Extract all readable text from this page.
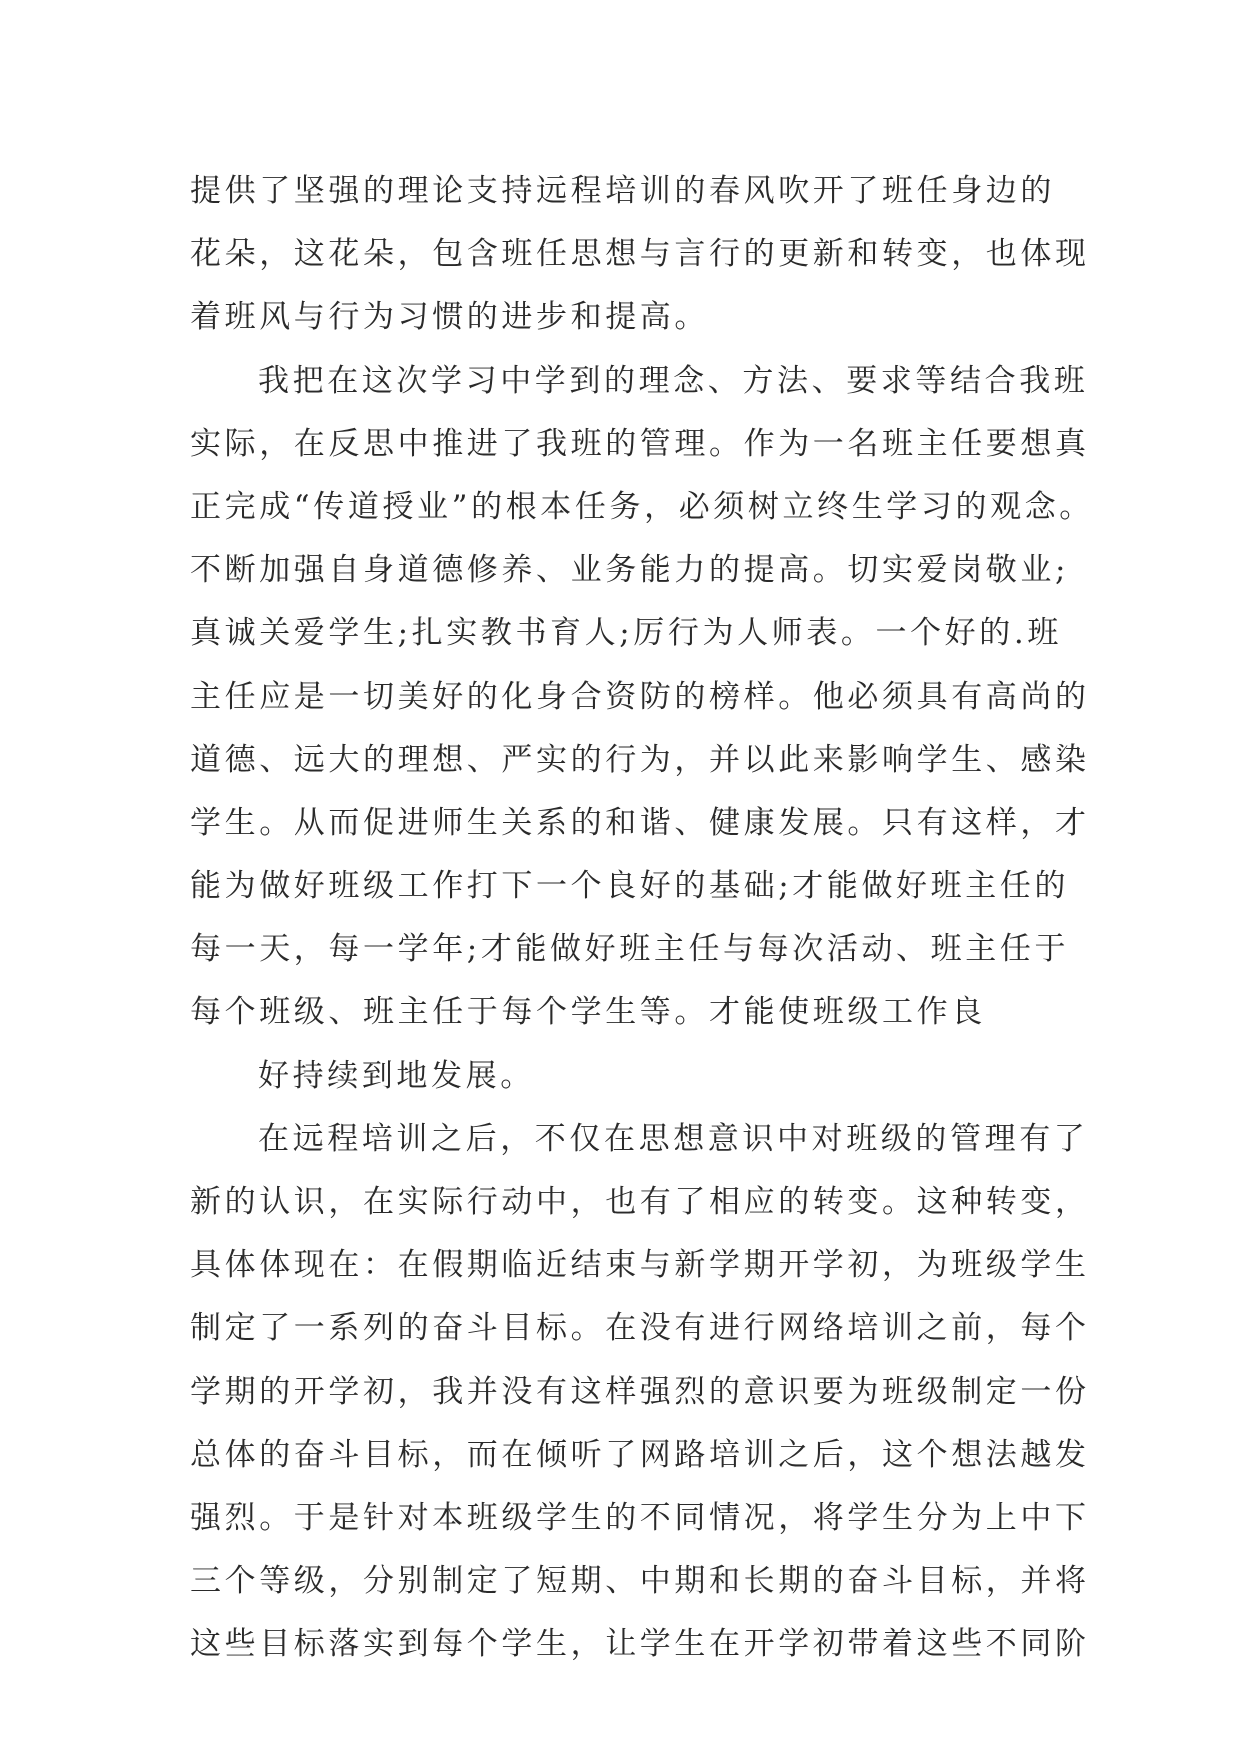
提供了坚强的理论支持远程培训的春风吹开了班任身边的
花朵，这花朵，包含班任思想与言行的更新和转变，也体现
着班风与行为习惯的进步和提高。
我把在这次学习中学到的理念、方法、要求等结合我班
实际，在反思中推进了我班的管理。作为一名班主任要想真
正完成“传道授业”的根本任务，必须树立终生学习的观念。
不断加强自身道德修养、业务能力的提高。切实爱岗敬业;
真诚关爱学生;扎实教书育人;厉行为人师表。一个好的.班
主任应是一切美好的化身合资防的榜样。他必须具有高尚的
道德、远大的理想、严实的行为，并以此来影响学生、感染
学生。从而促进师生关系的和谐、健康发展。只有这样，才
能为做好班级工作打下一个良好的基础;才能做好班主任的
每一天，每一学年;才能做好班主任与每次活动、班主任于
每个班级、班主任于每个学生等。才能使班级工作良
好持续到地发展。
在远程培训之后，不仅在思想意识中对班级的管理有了
新的认识，在实际行动中，也有了相应的转变。这种转变，
具体体现在：在假期临近结束与新学期开学初，为班级学生
制定了一系列的奋斗目标。在没有进行网络培训之前，每个
学期的开学初，我并没有这样强烈的意识要为班级制定一份
总体的奋斗目标，而在倾听了网路培训之后，这个想法越发
强烈。于是针对本班级学生的不同情况，将学生分为上中下
三个等级，分别制定了短期、中期和长期的奋斗目标，并将
这些目标落实到每个学生，让学生在开学初带着这些不同阶
